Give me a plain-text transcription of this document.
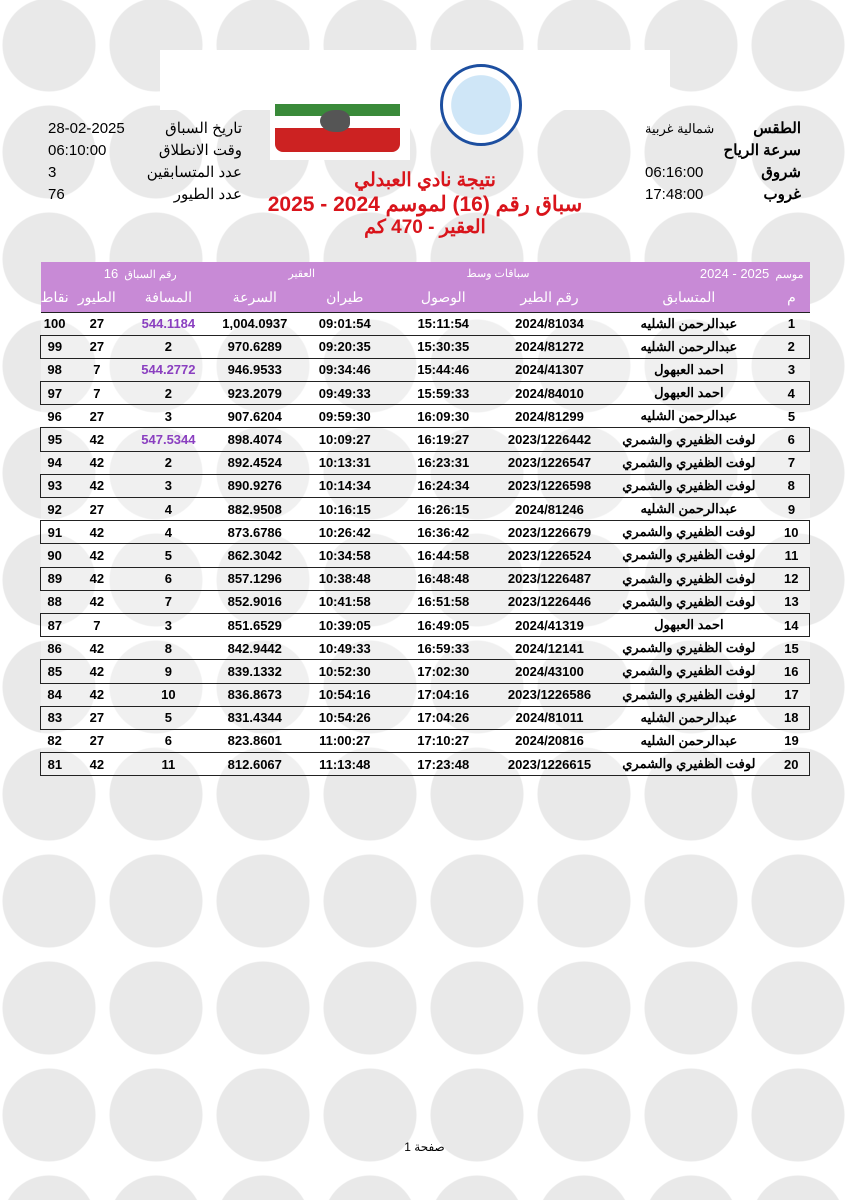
تاريخ السباق
28-02-2025
وقت الانطلاق
06:10:00
عدد المتسابقين
3
عدد الطيور
76
الطقس
شمالية غربية
سرعة الرياح
شروق
06:16:00
غروب
17:48:00
نتيجة نادي العبدلي
سباق رقم (16) لموسم 2024 - 2025
العقير - 470 كم
موسم  2025 - 2024		سباقات وسط		العقير		رقم السباق  16		
م	المتسابق	رقم الطير	الوصول	طيران	السرعة	المسافة	الطيور	نقاط
1	عبدالرحمن الشليه	2024/81034	15:11:54	09:01:54	1,004.0937	544.1184	27	100
2	عبدالرحمن الشليه	2024/81272	15:30:35	09:20:35	970.6289	2	27	99
3	احمد العبهول	2024/41307	15:44:46	09:34:46	946.9533	544.2772	7	98
4	احمد العبهول	2024/84010	15:59:33	09:49:33	923.2079	2	7	97
5	عبدالرحمن الشليه	2024/81299	16:09:30	09:59:30	907.6204	3	27	96
6	لوفت الظفيري والشمري	2023/1226442	16:19:27	10:09:27	898.4074	547.5344	42	95
7	لوفت الظفيري والشمري	2023/1226547	16:23:31	10:13:31	892.4524	2	42	94
8	لوفت الظفيري والشمري	2023/1226598	16:24:34	10:14:34	890.9276	3	42	93
9	عبدالرحمن الشليه	2024/81246	16:26:15	10:16:15	882.9508	4	27	92
10	لوفت الظفيري والشمري	2023/1226679	16:36:42	10:26:42	873.6786	4	42	91
11	لوفت الظفيري والشمري	2023/1226524	16:44:58	10:34:58	862.3042	5	42	90
12	لوفت الظفيري والشمري	2023/1226487	16:48:48	10:38:48	857.1296	6	42	89
13	لوفت الظفيري والشمري	2023/1226446	16:51:58	10:41:58	852.9016	7	42	88
14	احمد العبهول	2024/41319	16:49:05	10:39:05	851.6529	3	7	87
15	لوفت الظفيري والشمري	2024/12141	16:59:33	10:49:33	842.9442	8	42	86
16	لوفت الظفيري والشمري	2024/43100	17:02:30	10:52:30	839.1332	9	42	85
17	لوفت الظفيري والشمري	2023/1226586	17:04:16	10:54:16	836.8673	10	42	84
18	عبدالرحمن الشليه	2024/81011	17:04:26	10:54:26	831.4344	5	27	83
19	عبدالرحمن الشليه	2024/20816	17:10:27	11:00:27	823.8601	6	27	82
20	لوفت الظفيري والشمري	2023/1226615	17:23:48	11:13:48	812.6067	11	42	81
صفحة 1
